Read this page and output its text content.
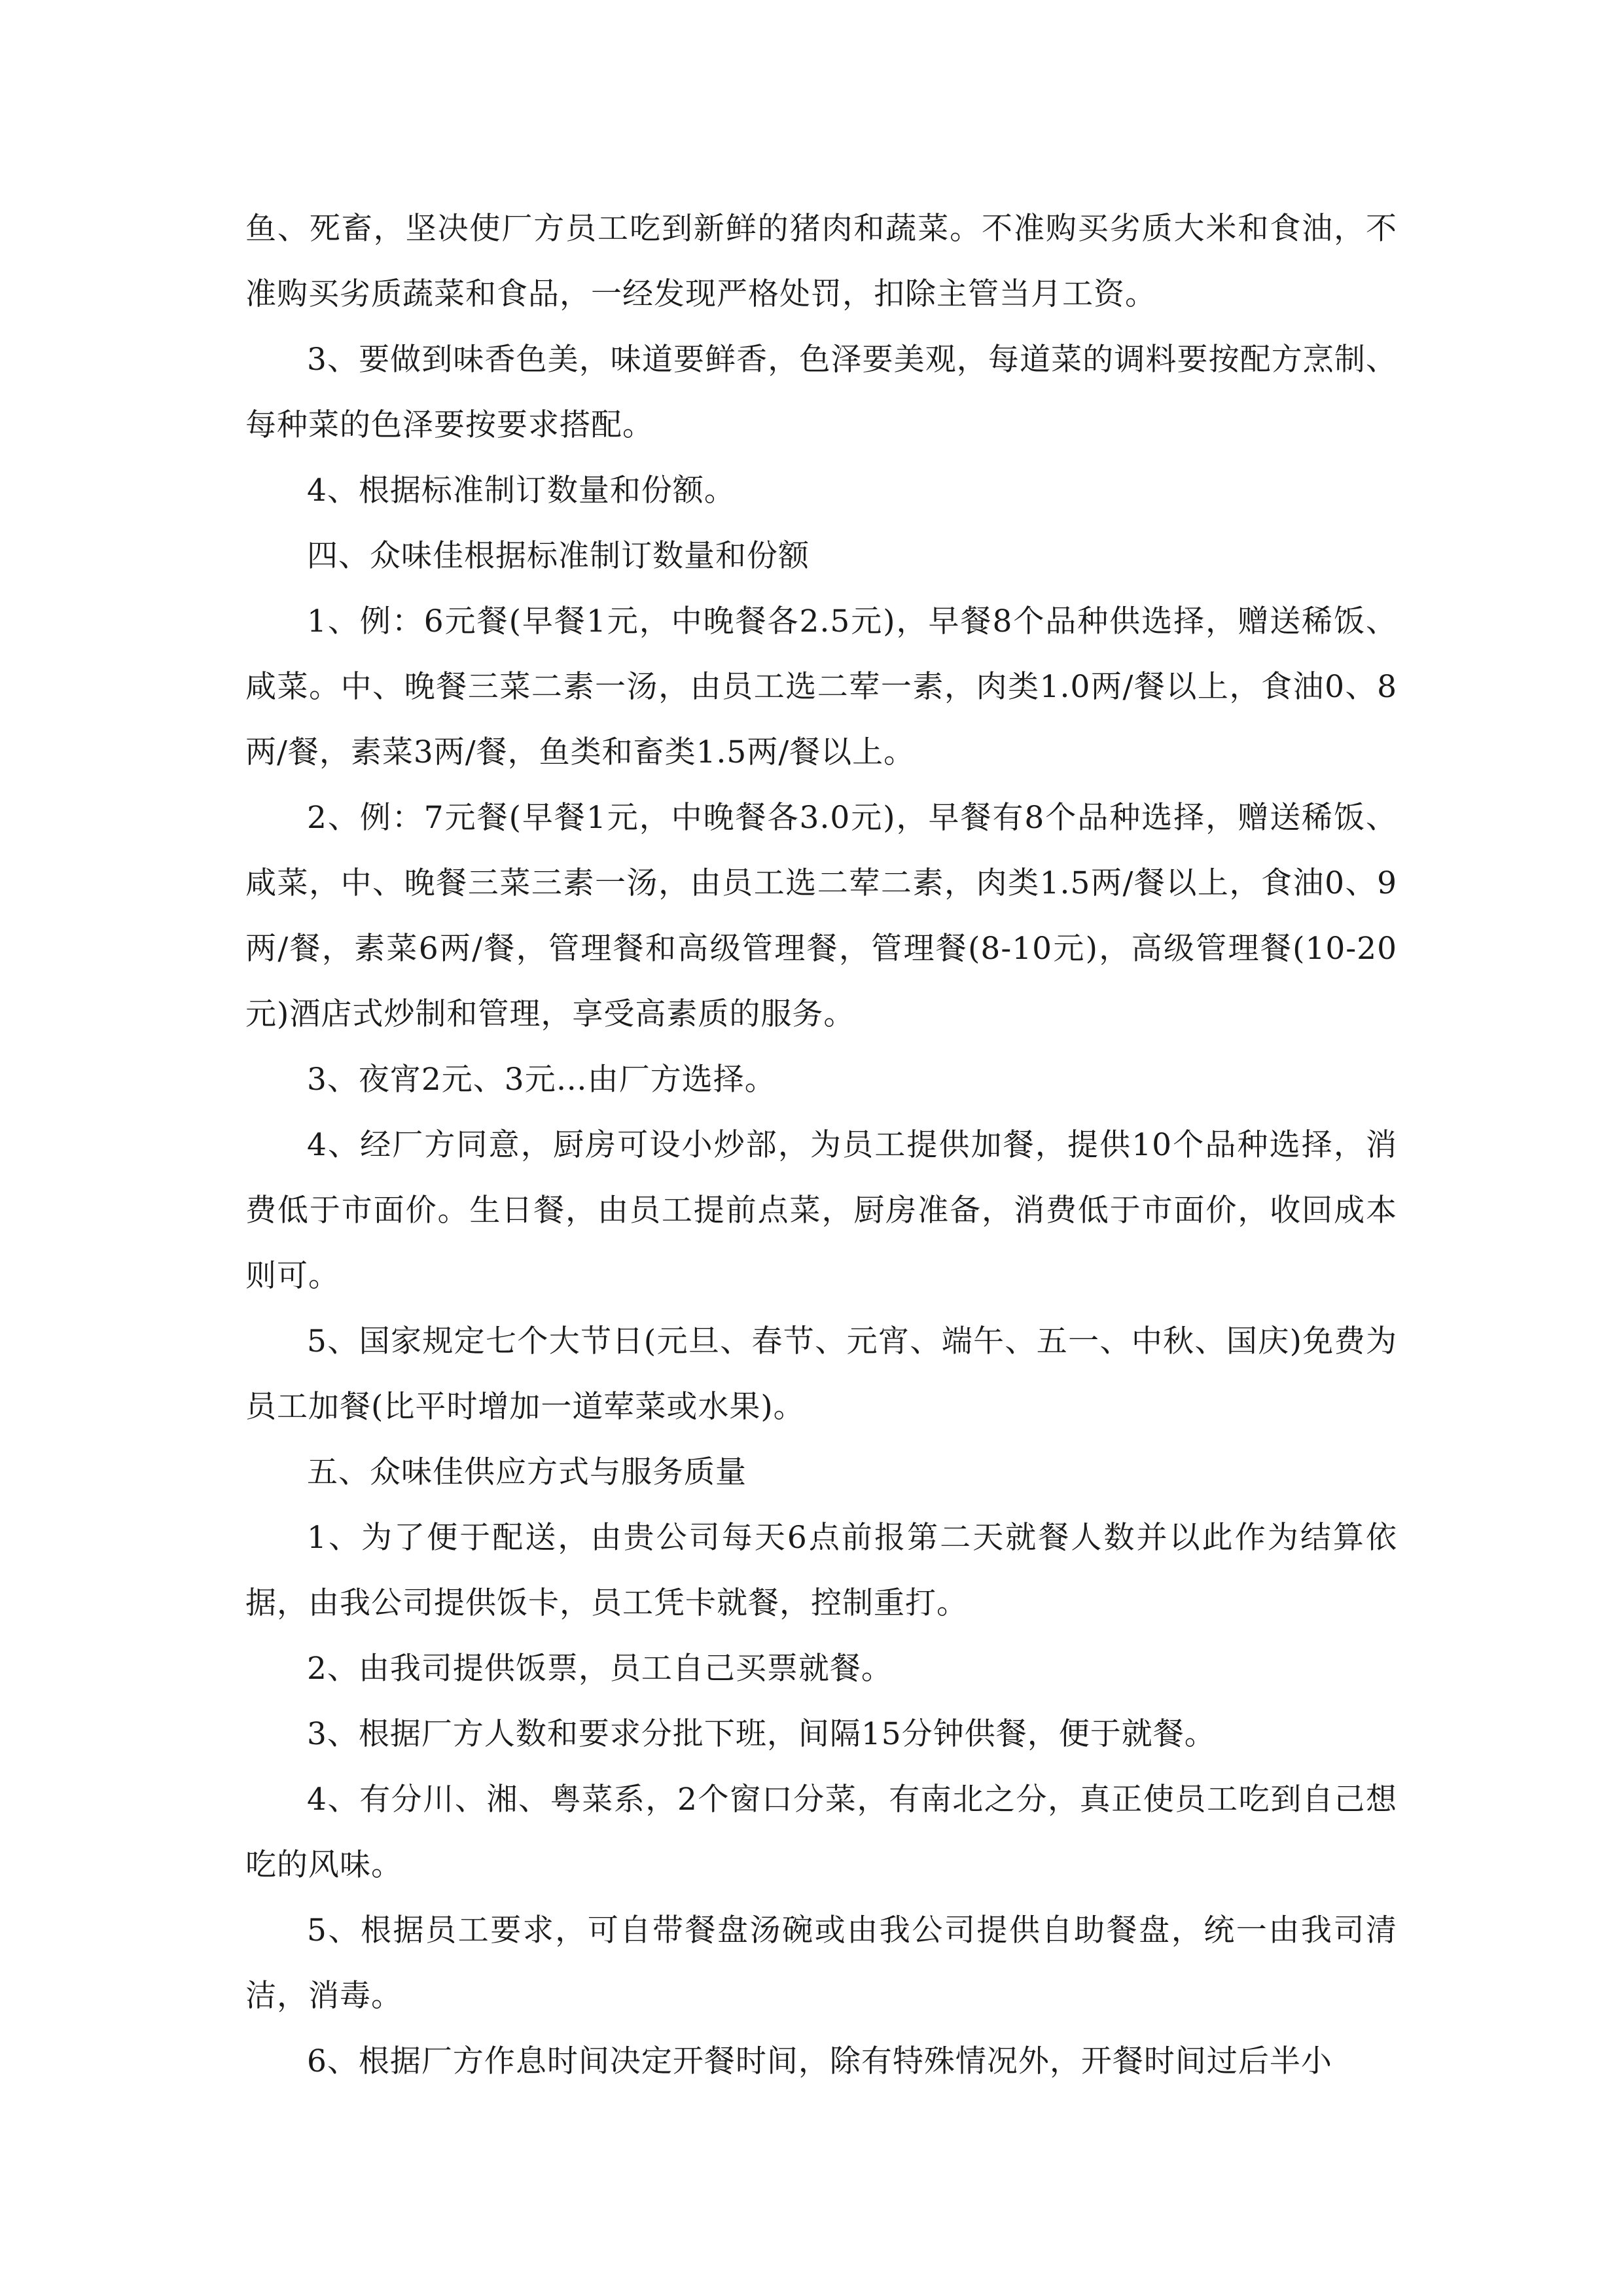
鱼、死畜，坚决使厂方员工吃到新鲜的猪肉和蔬菜。不准购买劣质大米和食油，不准购买劣质蔬菜和食品，一经发现严格处罚，扣除主管当月工资。

3、要做到味香色美，味道要鲜香，色泽要美观，每道菜的调料要按配方烹制、每种菜的色泽要按要求搭配。

4、根据标准制订数量和份额。

四、众味佳根据标准制订数量和份额

1、例：6元餐(早餐1元，中晚餐各2.5元)，早餐8个品种供选择，赠送稀饭、咸菜。中、晚餐三菜二素一汤，由员工选二荤一素，肉类1.0两/餐以上，食油0、8两/餐，素菜3两/餐，鱼类和畜类1.5两/餐以上。

2、例：7元餐(早餐1元，中晚餐各3.0元)，早餐有8个品种选择，赠送稀饭、咸菜，中、晚餐三菜三素一汤，由员工选二荤二素，肉类1.5两/餐以上，食油0、9两/餐，素菜6两/餐，管理餐和高级管理餐，管理餐(8-10元)，高级管理餐(10-20元)酒店式炒制和管理，享受高素质的服务。

3、夜宵2元、3元…由厂方选择。

4、经厂方同意，厨房可设小炒部，为员工提供加餐，提供10个品种选择，消费低于市面价。生日餐，由员工提前点菜，厨房准备，消费低于市面价，收回成本则可。

5、国家规定七个大节日(元旦、春节、元宵、端午、五一、中秋、国庆)免费为员工加餐(比平时增加一道荤菜或水果)。

五、众味佳供应方式与服务质量

1、为了便于配送，由贵公司每天6点前报第二天就餐人数并以此作为结算依据，由我公司提供饭卡，员工凭卡就餐，控制重打。

2、由我司提供饭票，员工自己买票就餐。

3、根据厂方人数和要求分批下班，间隔15分钟供餐，便于就餐。

4、有分川、湘、粤菜系，2个窗口分菜，有南北之分，真正使员工吃到自己想吃的风味。

5、根据员工要求，可自带餐盘汤碗或由我公司提供自助餐盘，统一由我司清洁，消毒。

6、根据厂方作息时间决定开餐时间，除有特殊情况外，开餐时间过后半小
